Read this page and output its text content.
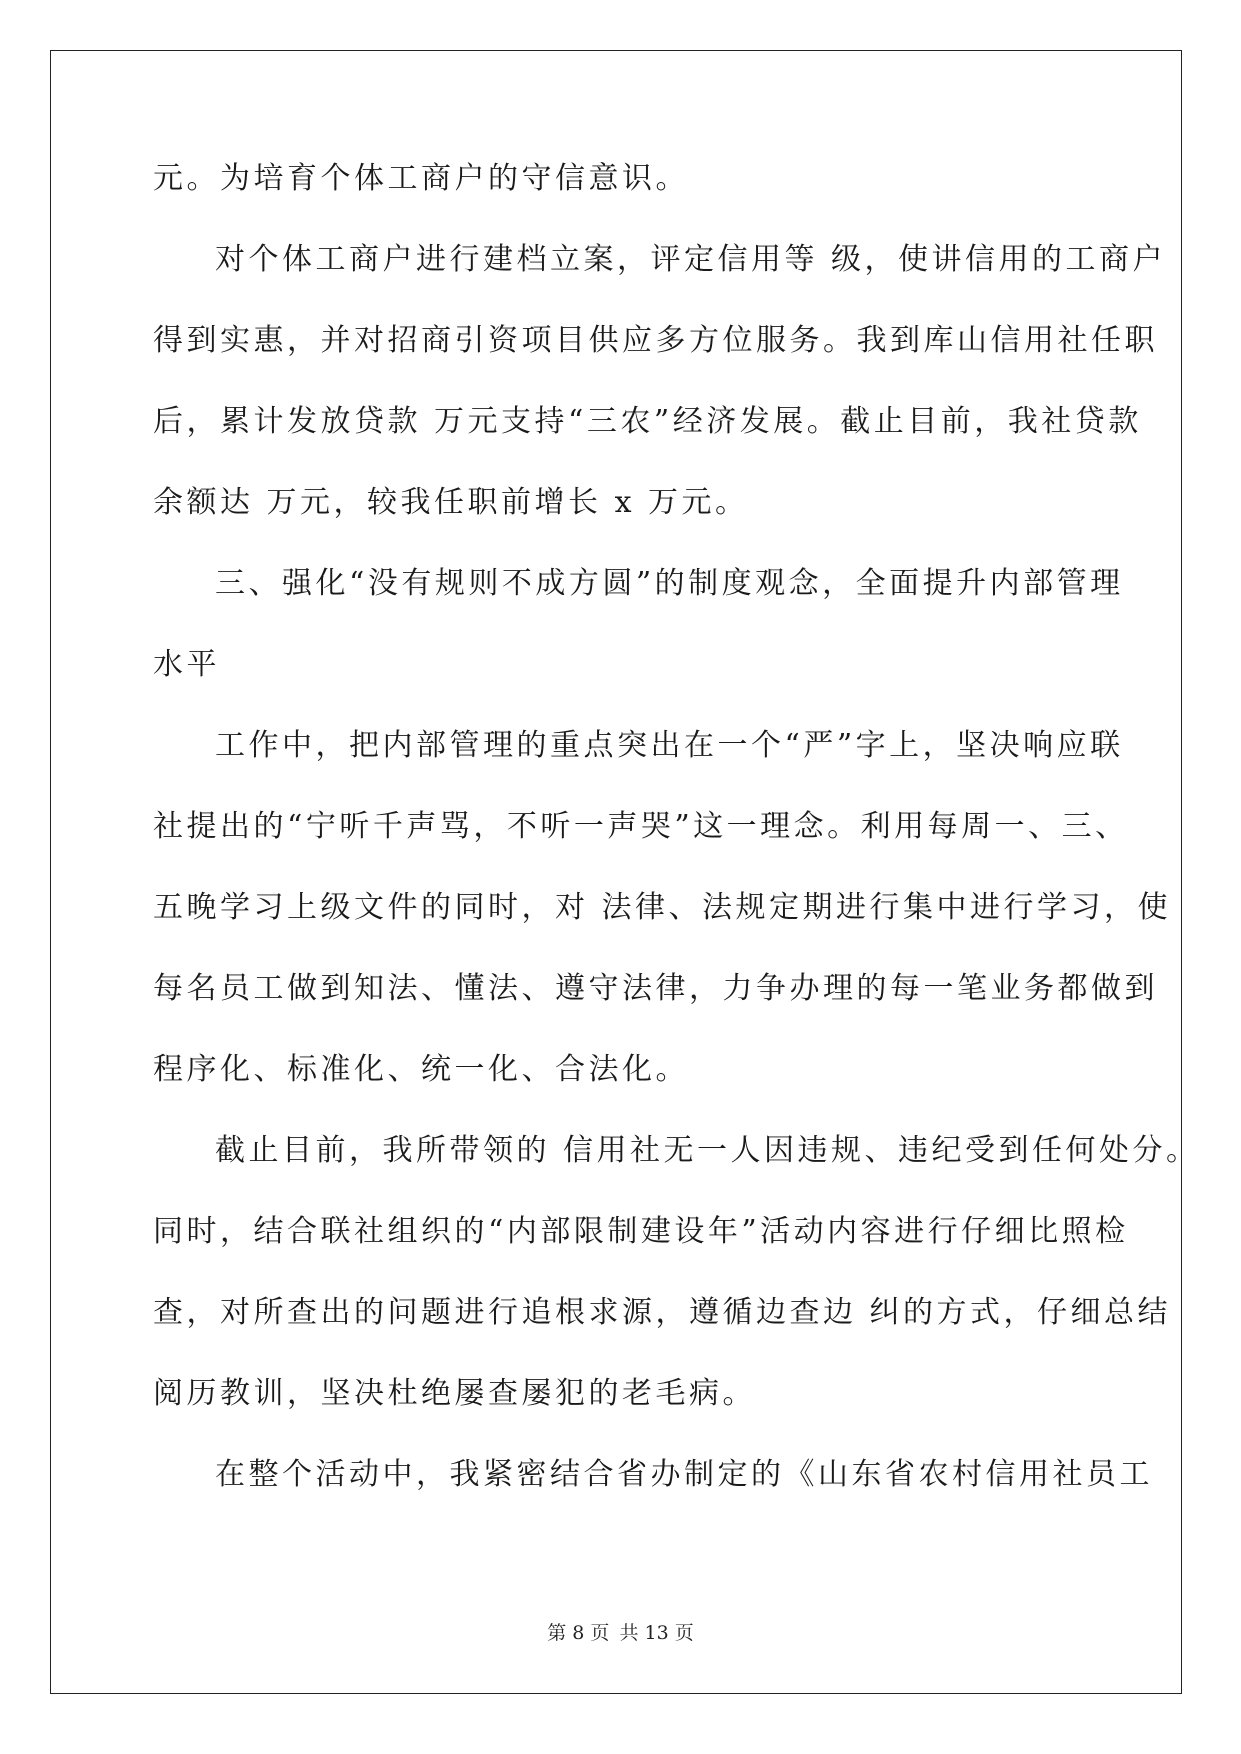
元。为培育个体工商户的守信意识。
对个体工商户进行建档立案，评定信用等 级，使讲信用的工商户
得到实惠，并对招商引资项目供应多方位服务。我到库山信用社任职
后，累计发放贷款 万元支持“三农”经济发展。截止目前，我社贷款
余额达 万元，较我任职前增长 x 万元。
三、强化“没有规则不成方圆”的制度观念，全面提升内部管理
水平
工作中，把内部管理的重点突出在一个“严”字上，坚决响应联
社提出的“宁听千声骂，不听一声哭”这一理念。利用每周一、三、
五晚学习上级文件的同时，对 法律、法规定期进行集中进行学习，使
每名员工做到知法、懂法、遵守法律，力争办理的每一笔业务都做到
程序化、标准化、统一化、合法化。
截止目前，我所带领的 信用社无一人因违规、违纪受到任何处分。
同时，结合联社组织的“内部限制建设年”活动内容进行仔细比照检
查，对所查出的问题进行追根求源，遵循边查边 纠的方式，仔细总结
阅历教训，坚决杜绝屡查屡犯的老毛病。
在整个活动中，我紧密结合省办制定的《山东省农村信用社员工
第 8 页 共 13 页
